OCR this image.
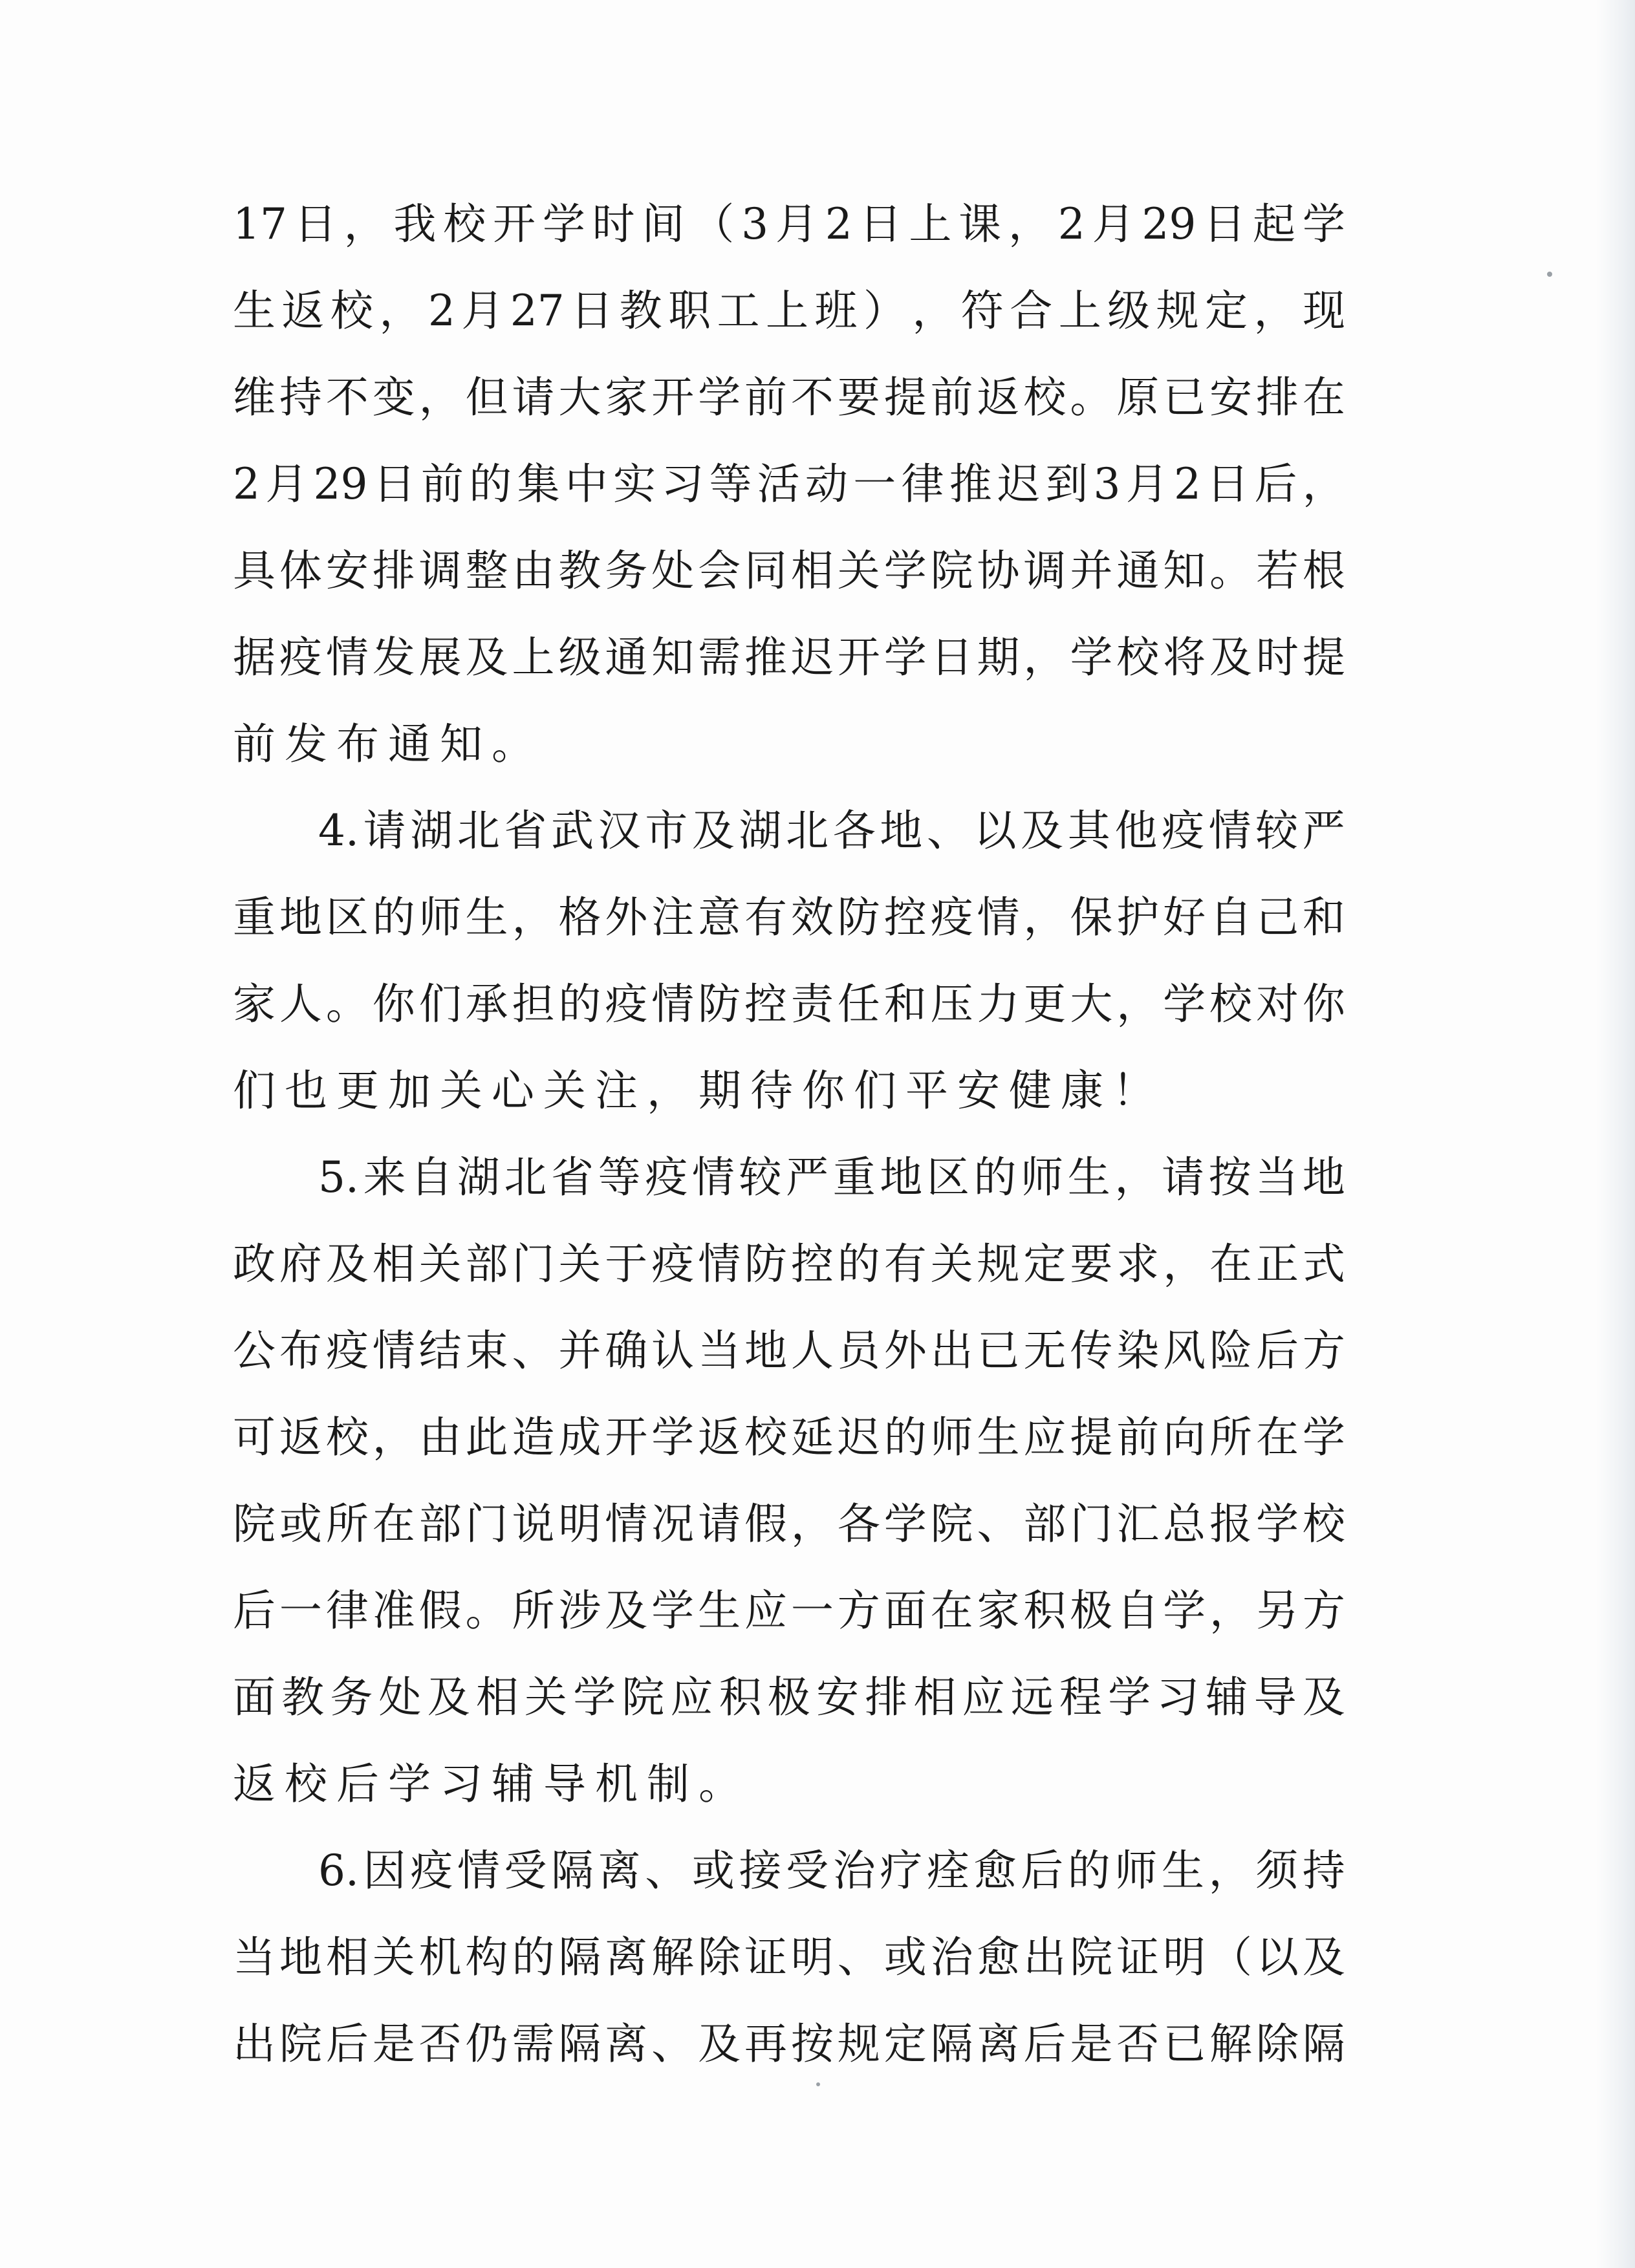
17 日 ， 我 校 开 学 时 间 （ 3 月 2 日 上 课 ， 2 月 29 日 起 学
生 返 校 ， 2 月 27 日 教 职 工 上 班 ） ， 符 合 上 级 规 定 ， 现
维 持 不 变 ， 但 请 大 家 开 学 前 不 要 提 前 返 校 。 原 已 安 排 在
2 月 29 日 前 的 集 中 实 习 等 活 动 一 律 推 迟 到 3 月 2 日 后 ，
具 体 安 排 调 整 由 教 务 处 会 同 相 关 学 院 协 调 并 通 知 。 若 根
据 疫 情 发 展 及 上 级 通 知 需 推 迟 开 学 日 期 ， 学 校 将 及 时 提
前发布通知。
4. 请 湖 北 省 武 汉 市 及 湖 北 各 地 、 以 及 其 他 疫 情 较 严
重 地 区 的 师 生 ， 格 外 注 意 有 效 防 控 疫 情 ， 保 护 好 自 己 和
家 人 。 你 们 承 担 的 疫 情 防 控 责 任 和 压 力 更 大 ， 学 校 对 你
们也更加关心关注，期待你们平安健康！
5. 来 自 湖 北 省 等 疫 情 较 严 重 地 区 的 师 生 ， 请 按 当 地
政 府 及 相 关 部 门 关 于 疫 情 防 控 的 有 关 规 定 要 求 ， 在 正 式
公 布 疫 情 结 束 、 并 确 认 当 地 人 员 外 出 已 无 传 染 风 险 后 方
可 返 校 ， 由 此 造 成 开 学 返 校 延 迟 的 师 生 应 提 前 向 所 在 学
院 或 所 在 部 门 说 明 情 况 请 假 ， 各 学 院 、 部 门 汇 总 报 学 校
后 一 律 准 假 。 所 涉 及 学 生 应 一 方 面 在 家 积 极 自 学 ， 另 方
面 教 务 处 及 相 关 学 院 应 积 极 安 排 相 应 远 程 学 习 辅 导 及
返校后学习辅导机制。
6. 因 疫 情 受 隔 离 、 或 接 受 治 疗 痊 愈 后 的 师 生 ， 须 持
当 地 相 关 机 构 的 隔 离 解 除 证 明 、 或 治 愈 出 院 证 明 （ 以 及
出 院 后 是 否 仍 需 隔 离 、 及 再 按 规 定 隔 离 后 是 否 已 解 除 隔
